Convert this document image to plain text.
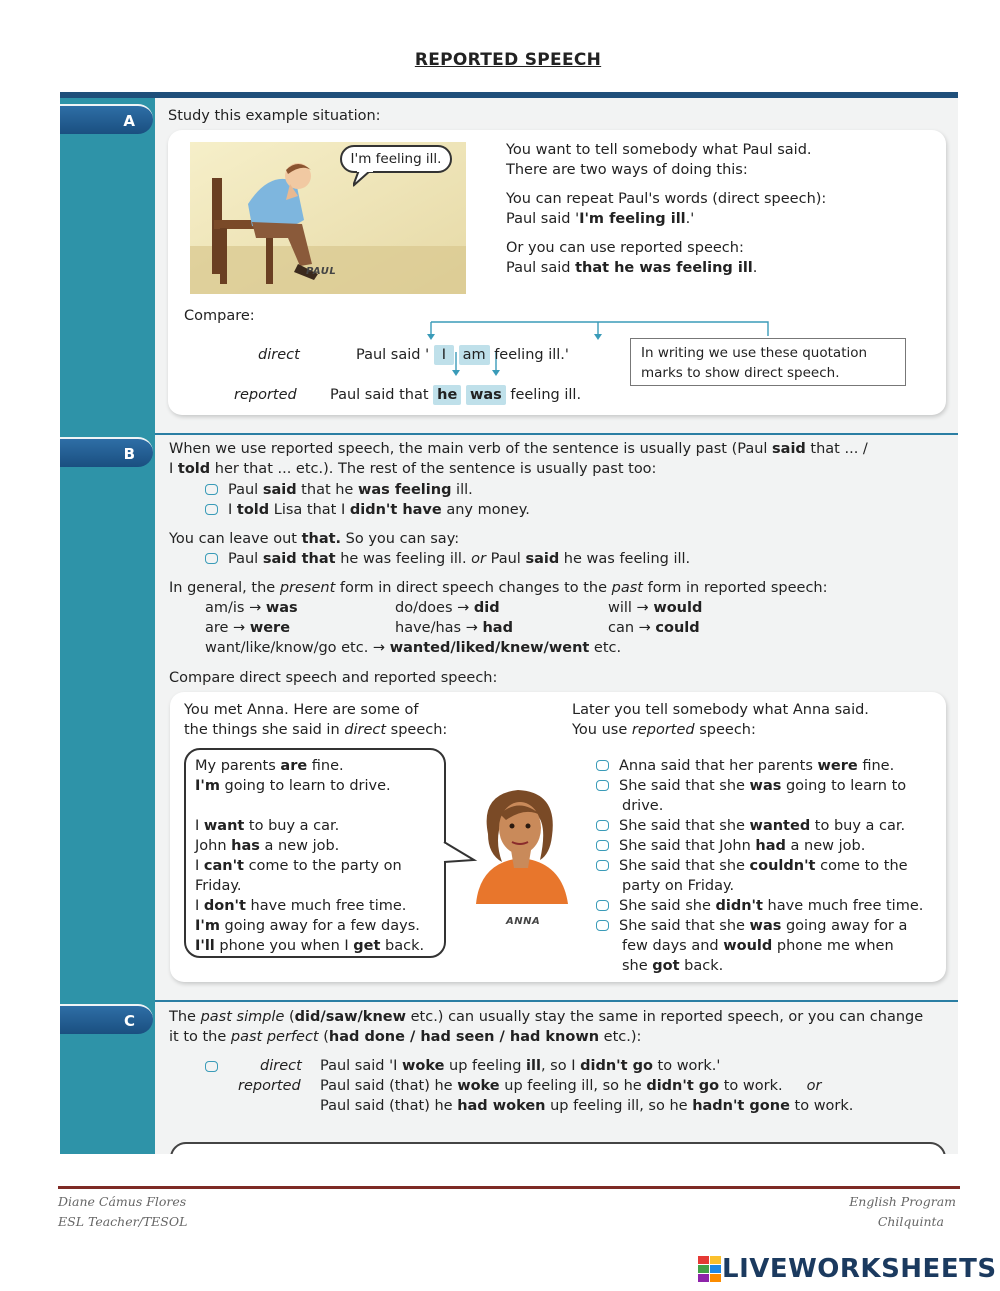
REPORTED SPEECH
A	Study this example situation:
PAUL
I'm feeling ill.
You want to tell somebody what Paul said.
There are two ways of doing this:
You can repeat Paul's words (direct speech):
Paul said 'I'm feeling ill.'
Or you can use reported speech:
Paul said that he was feeling ill.
Compare:
direct	Paul said ' I am feeling ill.'
reported Paul said that he was feeling ill.
In writing we use these quotation marks to show direct speech.
B	When we use reported speech, the main verb of the sentence is usually past (Paul said that ... /
I told her that ... etc.). The rest of the sentence is usually past too:
Paul said that he was feeling ill.
I told Lisa that I didn't have any money.
You can leave out that. So you can say:
Paul said that he was feeling ill. or Paul said he was feeling ill.
In general, the present form in direct speech changes to the past form in reported speech:
am/is → was	do/does → did	will → would
are → were	have/has → had	can → could
want/like/know/go etc. → wanted/liked/knew/went etc.
Compare direct speech and reported speech:
You met Anna. Here are some of
the things she said in direct speech:
Later you tell somebody what Anna said.
You use reported speech:
My parents are fine.
I'm going to learn to drive.
I want to buy a car.
John has a new job.
I can't come to the party on
Friday.
I don't have much free time.
I'm going away for a few days.
I'll phone you when I get back.
ANNA
Anna said that her parents were fine.
She said that she was going to learn to
drive.
She said that she wanted to buy a car.
She said that John had a new job.
She said that she couldn't come to the
party on Friday.
She said she didn't have much free time.
She said that she was going away for a
few days and would phone me when
she got back.
C	The past simple (did/saw/knew etc.) can usually stay the same in reported speech, or you can change
it to the past perfect (had done / had seen / had known etc.):
direct Paul said 'I woke up feeling ill, so I didn't go to work.'
reported Paul said (that) he woke up feeling ill, so he didn't go to work. or
Paul said (that) he had woken up feeling ill, so he hadn't gone to work.
Diane Cámus Flores
ESL Teacher/TESOL
English Program
Chilquinta
LIVEWORKSHEETS
